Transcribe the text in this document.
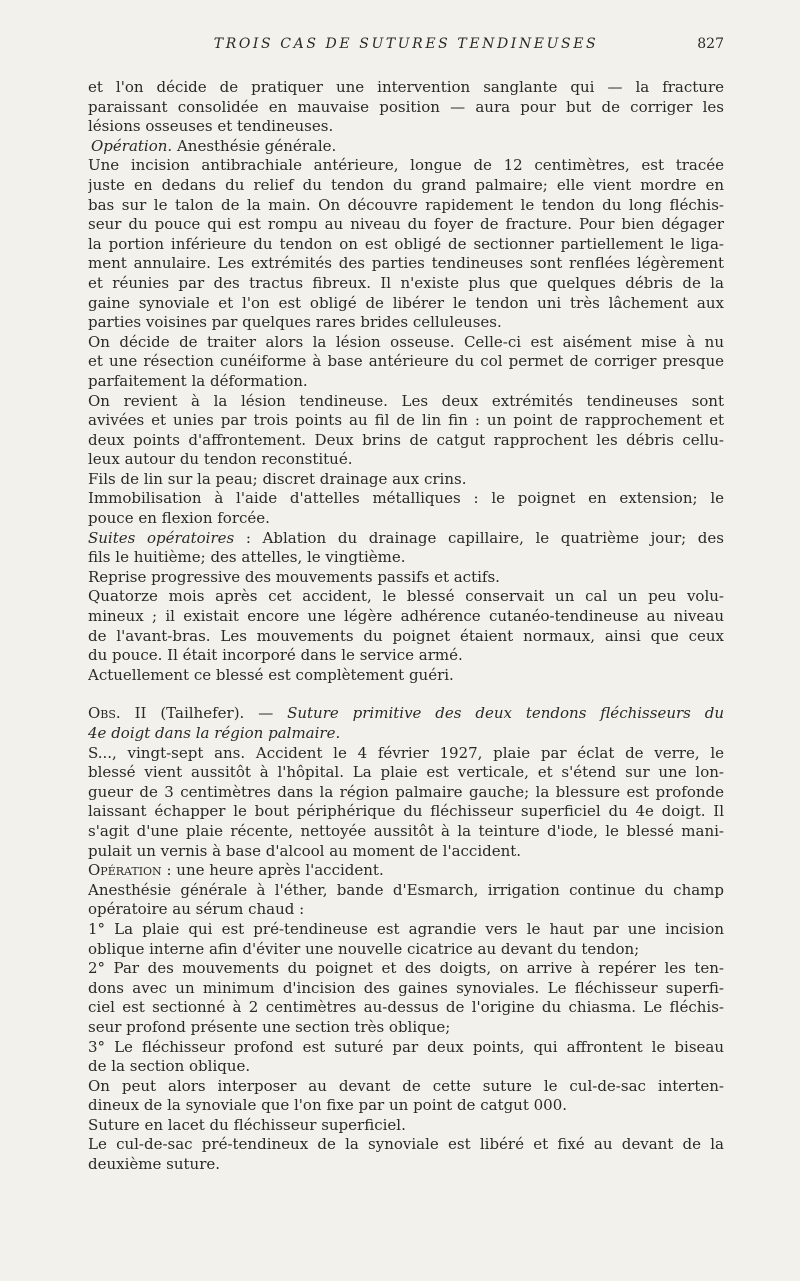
TROIS CAS DE SUTURES TENDINEUSES	827
et l'on décide de pratiquer une intervention sanglante qui — la fracture
paraissant consolidée en mauvaise position — aura pour but de corriger les
lésions osseuses et tendineuses.
Opération. Anesthésie générale.
Une incision antibrachiale antérieure, longue de 12 centimètres, est tracée
juste en dedans du relief du tendon du grand palmaire; elle vient mordre en
bas sur le talon de la main. On découvre rapidement le tendon du long fléchis-
seur du pouce qui est rompu au niveau du foyer de fracture. Pour bien dégager
la portion inférieure du tendon on est obligé de sectionner partiellement le liga-
ment annulaire. Les extrémités des parties tendineuses sont renflées légèrement
et réunies par des tractus fibreux. Il n'existe plus que quelques débris de la
gaine synoviale et l'on est obligé de libérer le tendon uni très lâchement aux
parties voisines par quelques rares brides celluleuses.
On décide de traiter alors la lésion osseuse. Celle-ci est aisément mise à nu
et une résection cunéiforme à base antérieure du col permet de corriger presque
parfaitement la déformation.
On revient à la lésion tendineuse. Les deux extrémités tendineuses sont
avivées et unies par trois points au fil de lin fin : un point de rapprochement et
deux points d'affrontement. Deux brins de catgut rapprochent les débris cellu-
leux autour du tendon reconstitué.
Fils de lin sur la peau; discret drainage aux crins.
Immobilisation à l'aide d'attelles métalliques : le poignet en extension; le
pouce en flexion forcée.
Suites opératoires : Ablation du drainage capillaire, le quatrième jour; des
fils le huitième; des attelles, le vingtième.
Reprise progressive des mouvements passifs et actifs.
Quatorze mois après cet accident, le blessé conservait un cal un peu volu-
mineux ; il existait encore une légère adhérence cutanéo-tendineuse au niveau
de l'avant-bras. Les mouvements du poignet étaient normaux, ainsi que ceux
du pouce. Il était incorporé dans le service armé.
Actuellement ce blessé est complètement guéri.
Obs. II (Tailhefer). — Suture primitive des deux tendons fléchisseurs du
4e doigt dans la région palmaire.
S..., vingt-sept ans. Accident le 4 février 1927, plaie par éclat de verre, le
blessé vient aussitôt à l'hôpital. La plaie est verticale, et s'étend sur une lon-
gueur de 3 centimètres dans la région palmaire gauche; la blessure est profonde
laissant échapper le bout périphérique du fléchisseur superficiel du 4e doigt. Il
s'agit d'une plaie récente, nettoyée aussitôt à la teinture d'iode, le blessé mani-
pulait un vernis à base d'alcool au moment de l'accident.
Opération : une heure après l'accident.
Anesthésie générale à l'éther, bande d'Esmarch, irrigation continue du champ
opératoire au sérum chaud :
1° La plaie qui est pré-tendineuse est agrandie vers le haut par une incision
oblique interne afin d'éviter une nouvelle cicatrice au devant du tendon;
2° Par des mouvements du poignet et des doigts, on arrive à repérer les ten-
dons avec un minimum d'incision des gaines synoviales. Le fléchisseur superfi-
ciel est sectionné à 2 centimètres au-dessus de l'origine du chiasma. Le fléchis-
seur profond présente une section très oblique;
3° Le fléchisseur profond est suturé par deux points, qui affrontent le biseau
de la section oblique.
On peut alors interposer au devant de cette suture le cul-de-sac interten-
dineux de la synoviale que l'on fixe par un point de catgut 000.
Suture en lacet du fléchisseur superficiel.
Le cul-de-sac pré-tendineux de la synoviale est libéré et fixé au devant de la
deuxième suture.
